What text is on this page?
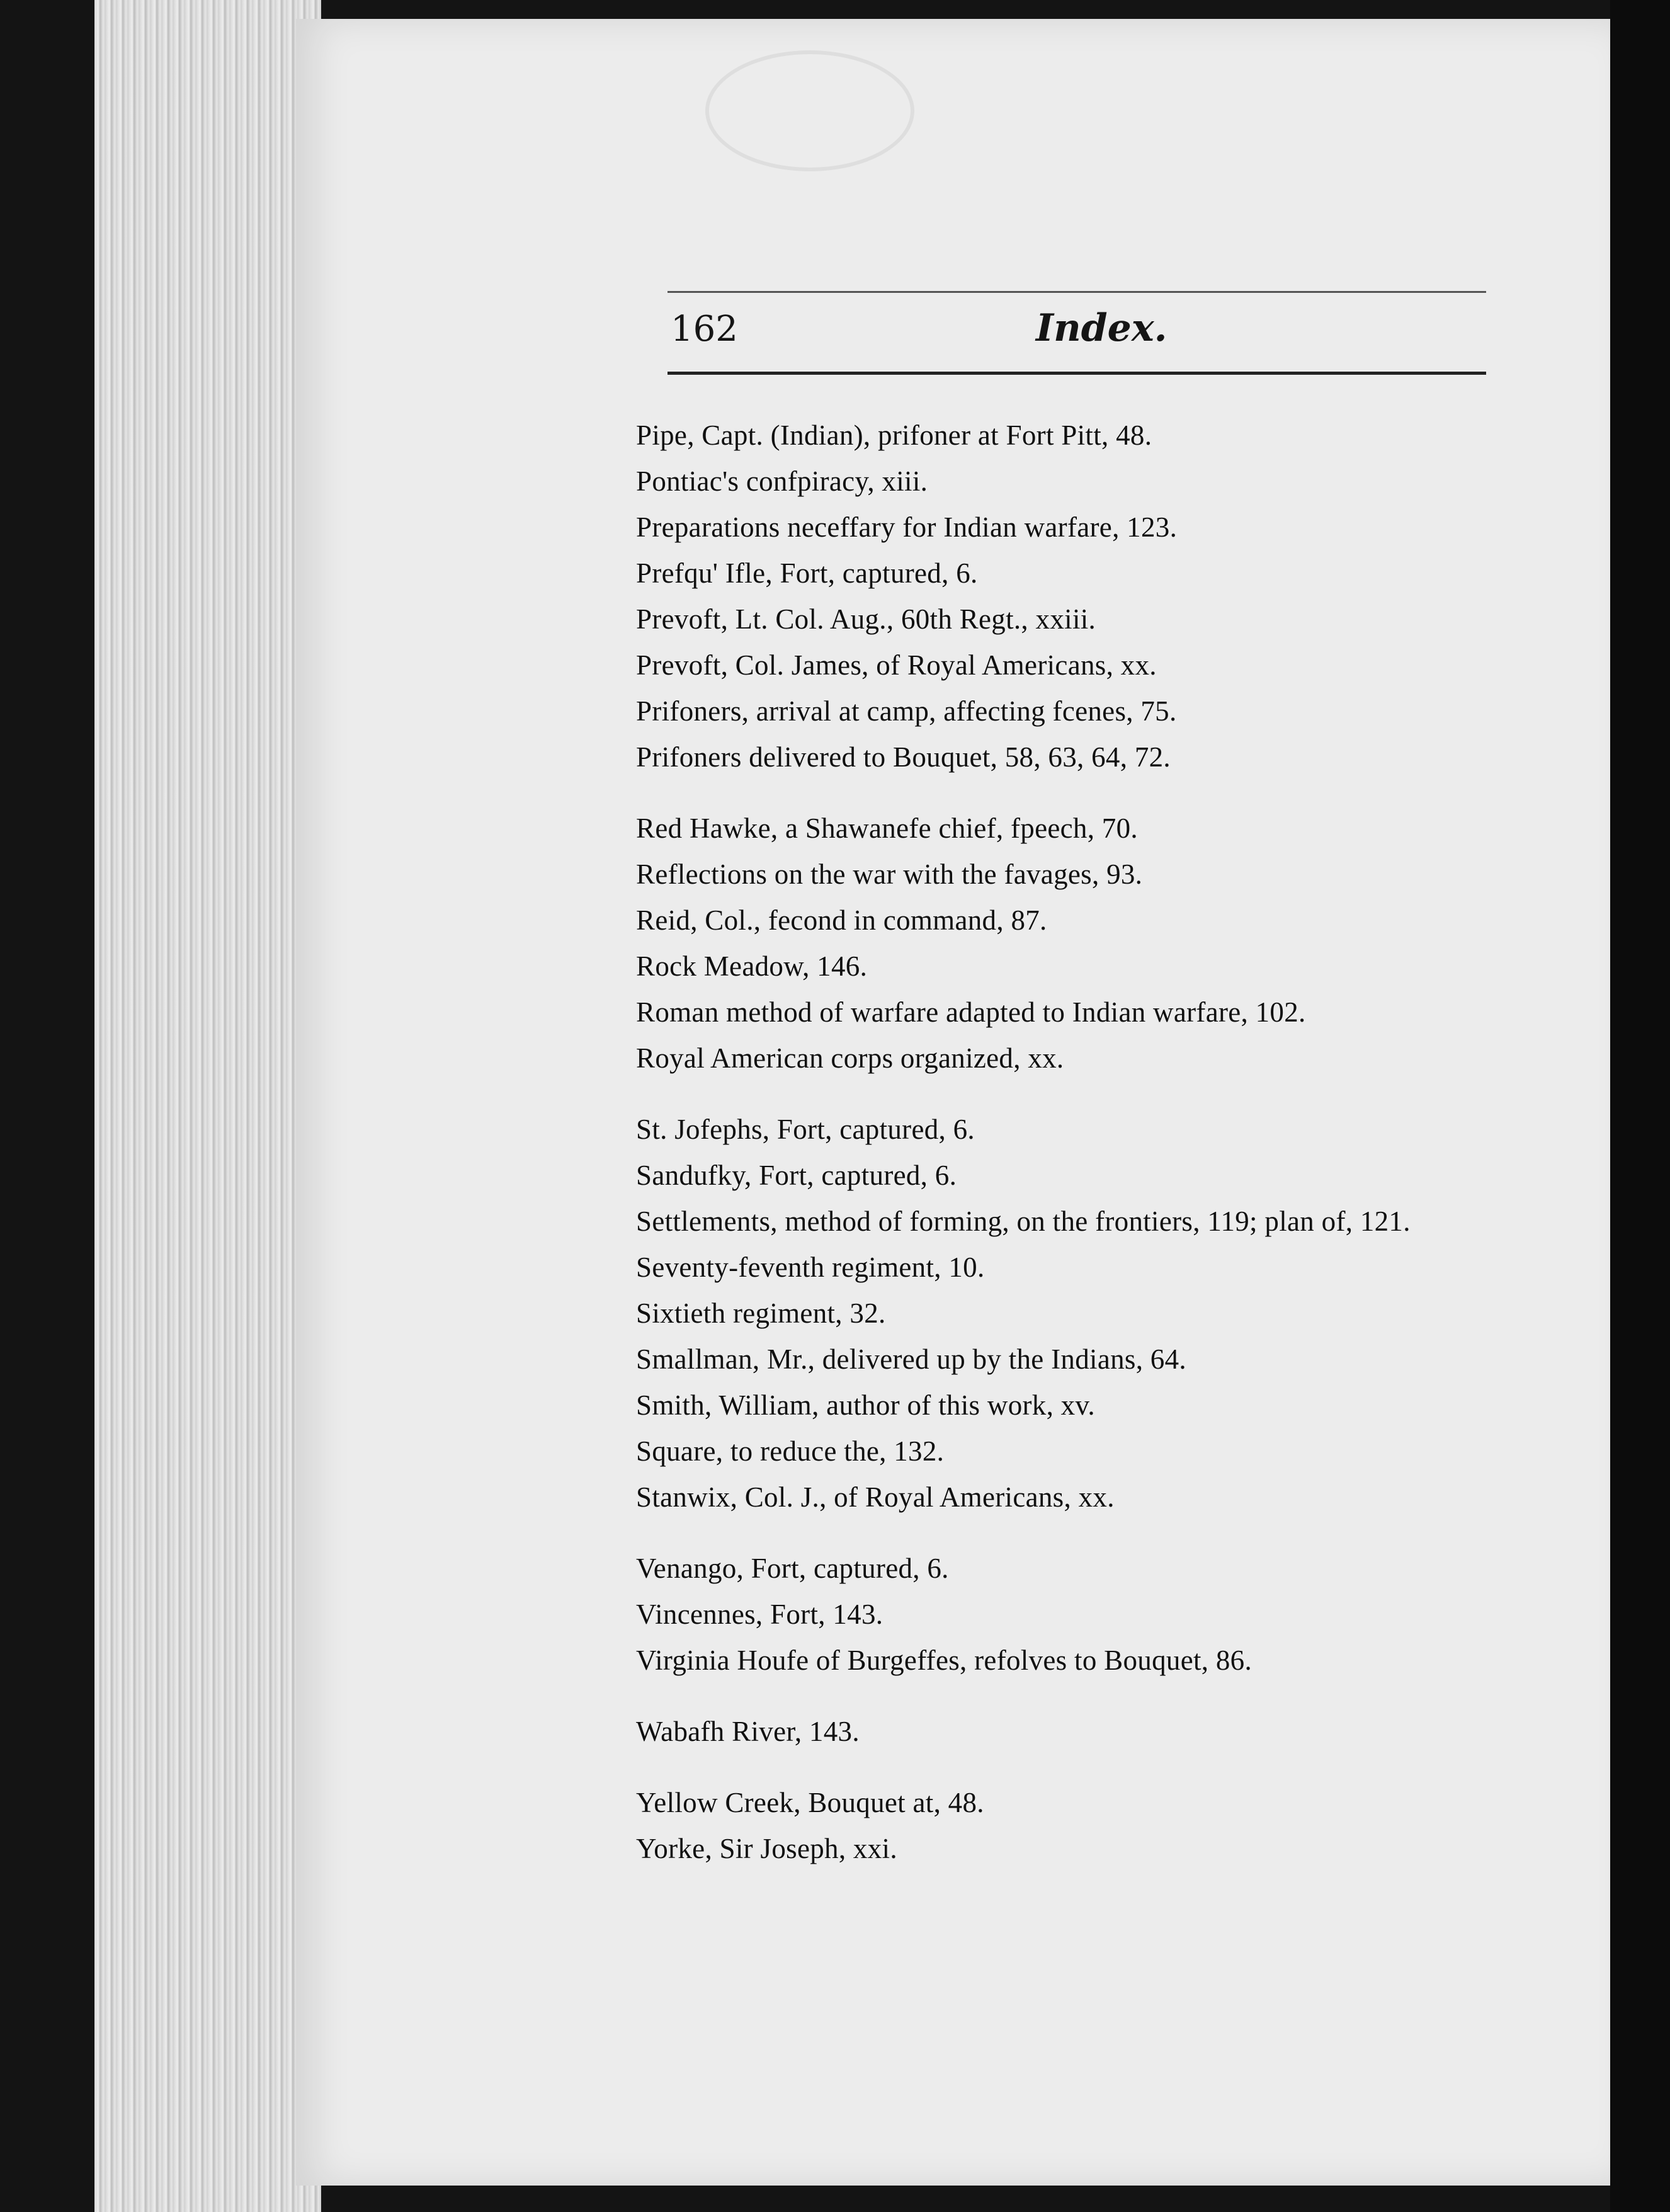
162	Index.
Pipe, Capt. (Indian), prifoner at Fort Pitt, 48.
Pontiac's confpiracy, xiii.
Preparations neceffary for Indian warfare, 123.
Prefqu' Ifle, Fort, captured, 6.
Prevoft, Lt. Col. Aug., 60th Regt., xxiii.
Prevoft, Col. James, of Royal Americans, xx.
Prifoners, arrival at camp, affecting fcenes, 75.
Prifoners delivered to Bouquet, 58, 63, 64, 72.
Red Hawke, a Shawanefe chief, fpeech, 70.
Reflections on the war with the favages, 93.
Reid, Col., fecond in command, 87.
Rock Meadow, 146.
Roman method of warfare adapted to Indian warfare, 102.
Royal American corps organized, xx.
St. Jofephs, Fort, captured, 6.
Sandufky, Fort, captured, 6.
Settlements, method of forming, on the frontiers, 119; plan of, 121.
Seventy-feventh regiment, 10.
Sixtieth regiment, 32.
Smallman, Mr., delivered up by the Indians, 64.
Smith, William, author of this work, xv.
Square, to reduce the, 132.
Stanwix, Col. J., of Royal Americans, xx.
Venango, Fort, captured, 6.
Vincennes, Fort, 143.
Virginia Houfe of Burgeffes, refolves to Bouquet, 86.
Wabafh River, 143.
Yellow Creek, Bouquet at, 48.
Yorke, Sir Joseph, xxi.
